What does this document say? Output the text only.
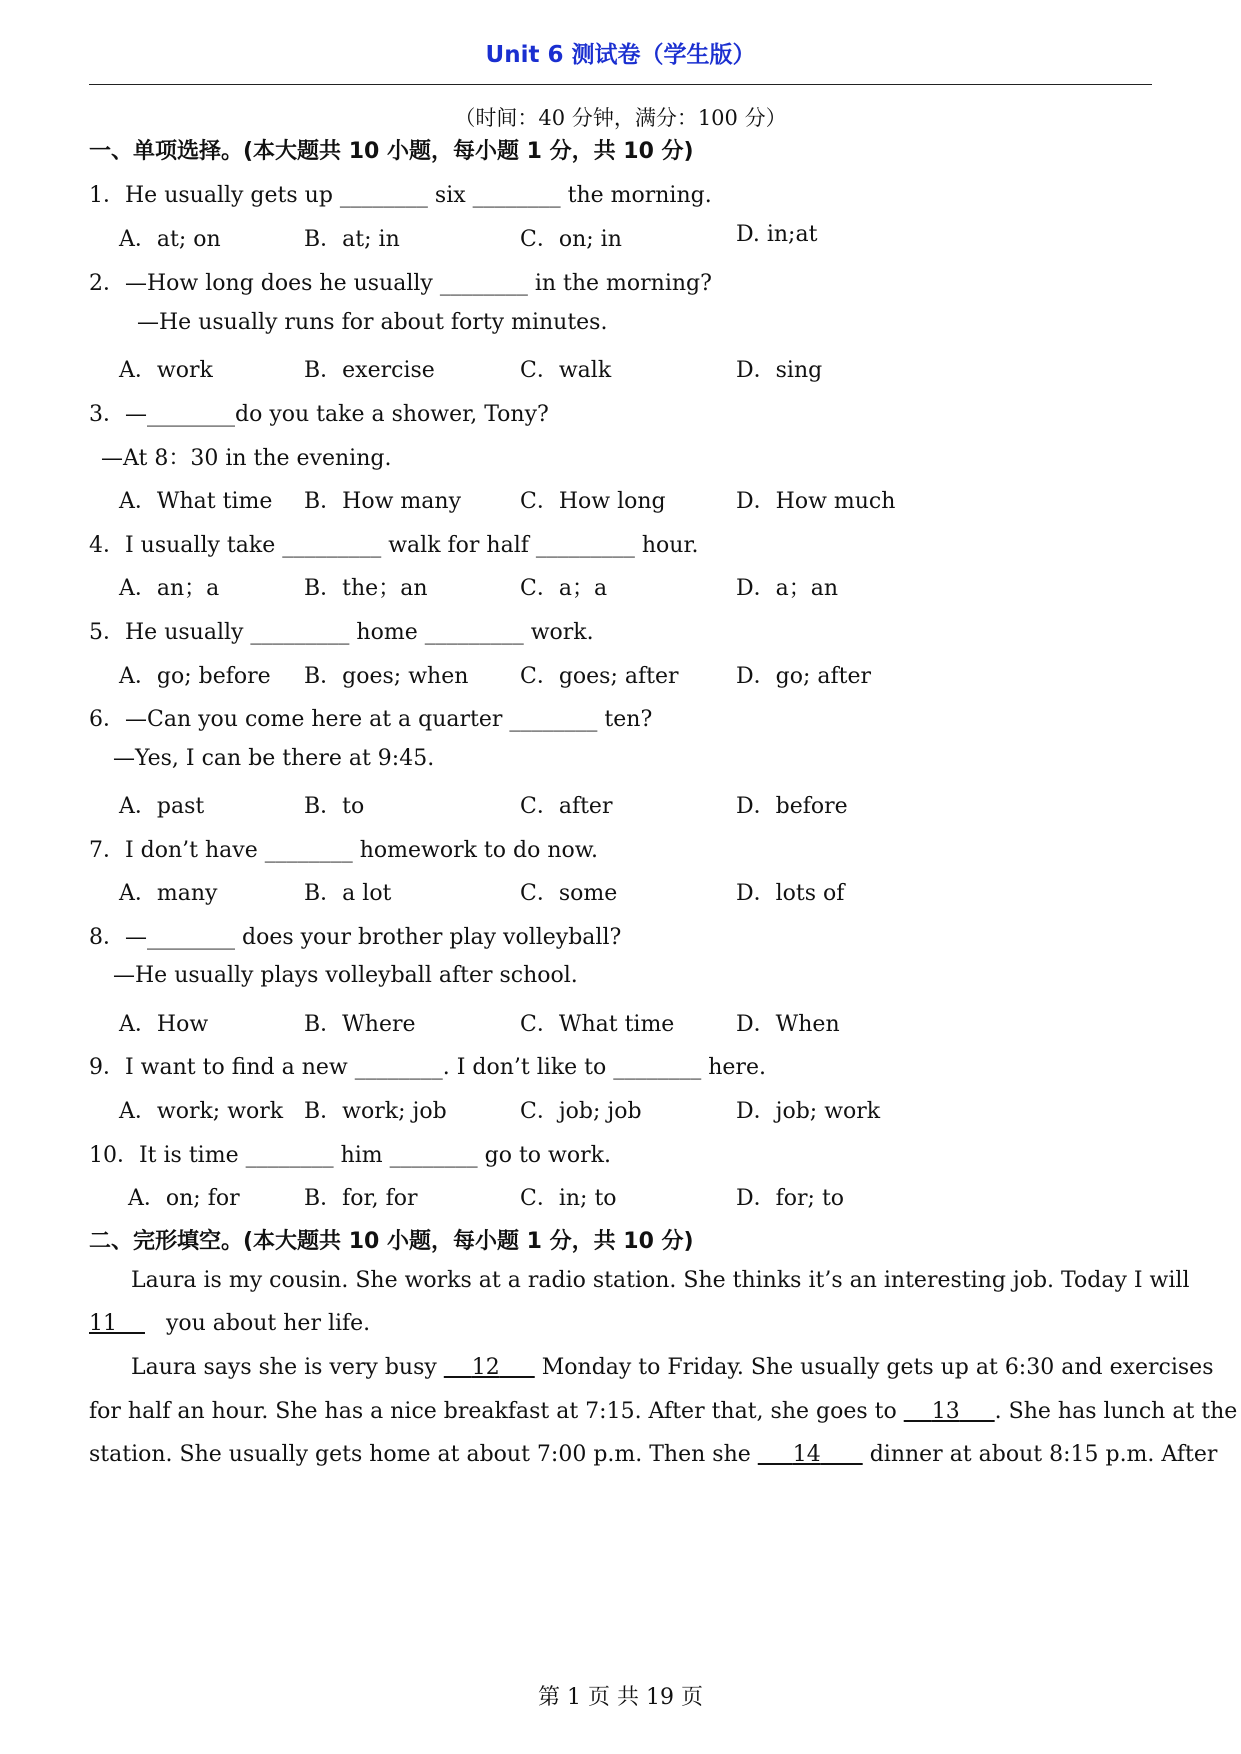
Unit 6 测试卷（学生版）
（时间：40 分钟，满分：100 分）
一、单项选择。(本大题共 10 小题，每小题 1 分，共 10 分)
1．He usually gets up ________ six ________ the morning.
A．at; on	B．at; in	C．on; in	D. in;at
2．—How long does he usually ________ in the morning?
—He usually runs for about forty minutes.
A．work	B．exercise	C．walk	D．sing
3．—________do you take a shower, Tony?
—At 8：30 in the evening.
A．What time B．How many	C．How long	D．How much
4．I usually take _________ walk for half _________ hour.
A．an；a	B．the；an	C．a；a	D．a；an
5．He usually _________ home _________ work.
A．go; before B．goes; when C．goes; after	D．go; after
6．—Can you come here at a quarter ________ ten?
—Yes, I can be there at 9:45.
A．past	B．to	C．after	D．before
7．I don’t have ________ homework to do now.
A．many	B．a lot	C．some	D．lots of
8．—________ does your brother play volleyball?
—He usually plays volleyball after school.
A．How	B．Where	C．What time	D．When
9．I want to find a new ________. I don’t like to ________ here.
A．work; work B．work; job	C．job; job	D．job; work
10．It is time ________ him ________ go to work.
A．on; for	B．for, for	C．in; to	D．for; to
二、完形填空。(本大题共 10 小题，每小题 1 分，共 10 分)
Laura is my cousin. She works at a radio station. She thinks it’s an interesting job. Today I will
11 you about her life.
Laura says she is very busy 12 Monday to Friday. She usually gets up at 6:30 and exercises
for half an hour. She has a nice breakfast at 7:15. After that, she goes to 13 . She has lunch at the
station. She usually gets home at about 7:00 p.m. Then she 14 dinner at about 8:15 p.m. After
第 1 页 共 19 页
